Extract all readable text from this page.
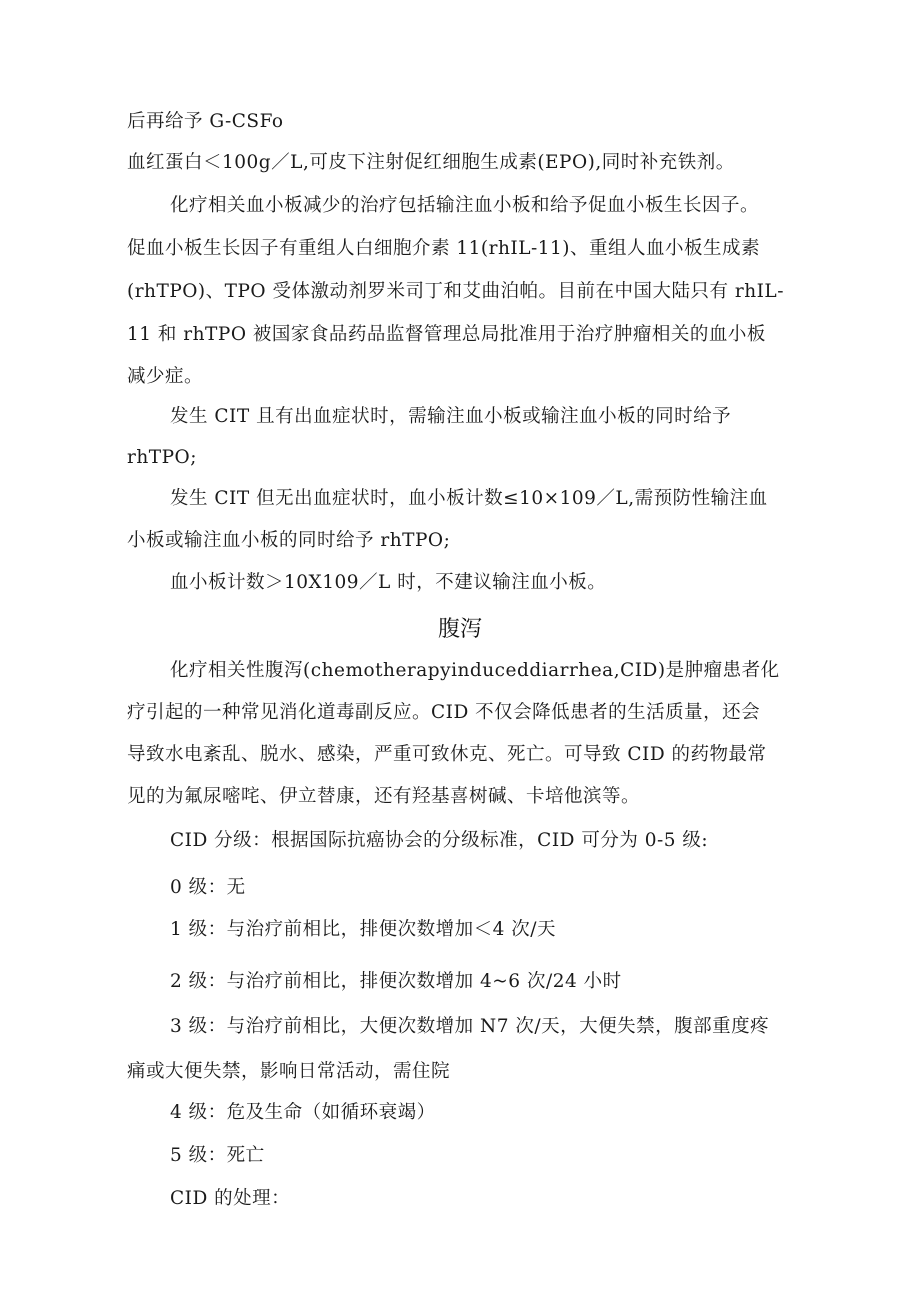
后再给予 G-CSFo
血红蛋白＜100g／L,可皮下注射促红细胞生成素(EPO),同时补充铁剂。
化疗相关血小板减少的治疗包括输注血小板和给予促血小板生长因子。
促血小板生长因子有重组人白细胞介素 11(rhIL-11)、重组人血小板生成素
(rhTPO)、TPO 受体激动剂罗米司丁和艾曲泊帕。目前在中国大陆只有 rhIL-
11 和 rhTPO 被国家食品药品监督管理总局批准用于治疗肿瘤相关的血小板
减少症。
发生 CIT 且有出血症状时，需输注血小板或输注血小板的同时给予
rhTPO;
发生 CIT 但无出血症状时，血小板计数≤10×109／L,需预防性输注血
小板或输注血小板的同时给予 rhTPO;
血小板计数＞10X109／L 时，不建议输注血小板。
腹泻
化疗相关性腹泻(chemotherapyinduceddiarrhea,CID)是肿瘤患者化
疗引起的一种常见消化道毒副反应。CID 不仅会降低患者的生活质量，还会
导致水电紊乱、脱水、感染，严重可致休克、死亡。可导致 CID 的药物最常
见的为氟尿嘧咤、伊立替康，还有羟基喜树碱、卡培他滨等。
CID 分级：根据国际抗癌协会的分级标准，CID 可分为 0-5 级:
0 级：无
1 级：与治疗前相比，排便次数增加＜4 次/天
2 级：与治疗前相比，排便次数增加 4~6 次/24 小时
3 级：与治疗前相比，大便次数增加 N7 次/天，大便失禁，腹部重度疼
痛或大便失禁，影响日常活动，需住院
4 级：危及生命（如循环衰竭）
5 级：死亡
CID 的处理：
